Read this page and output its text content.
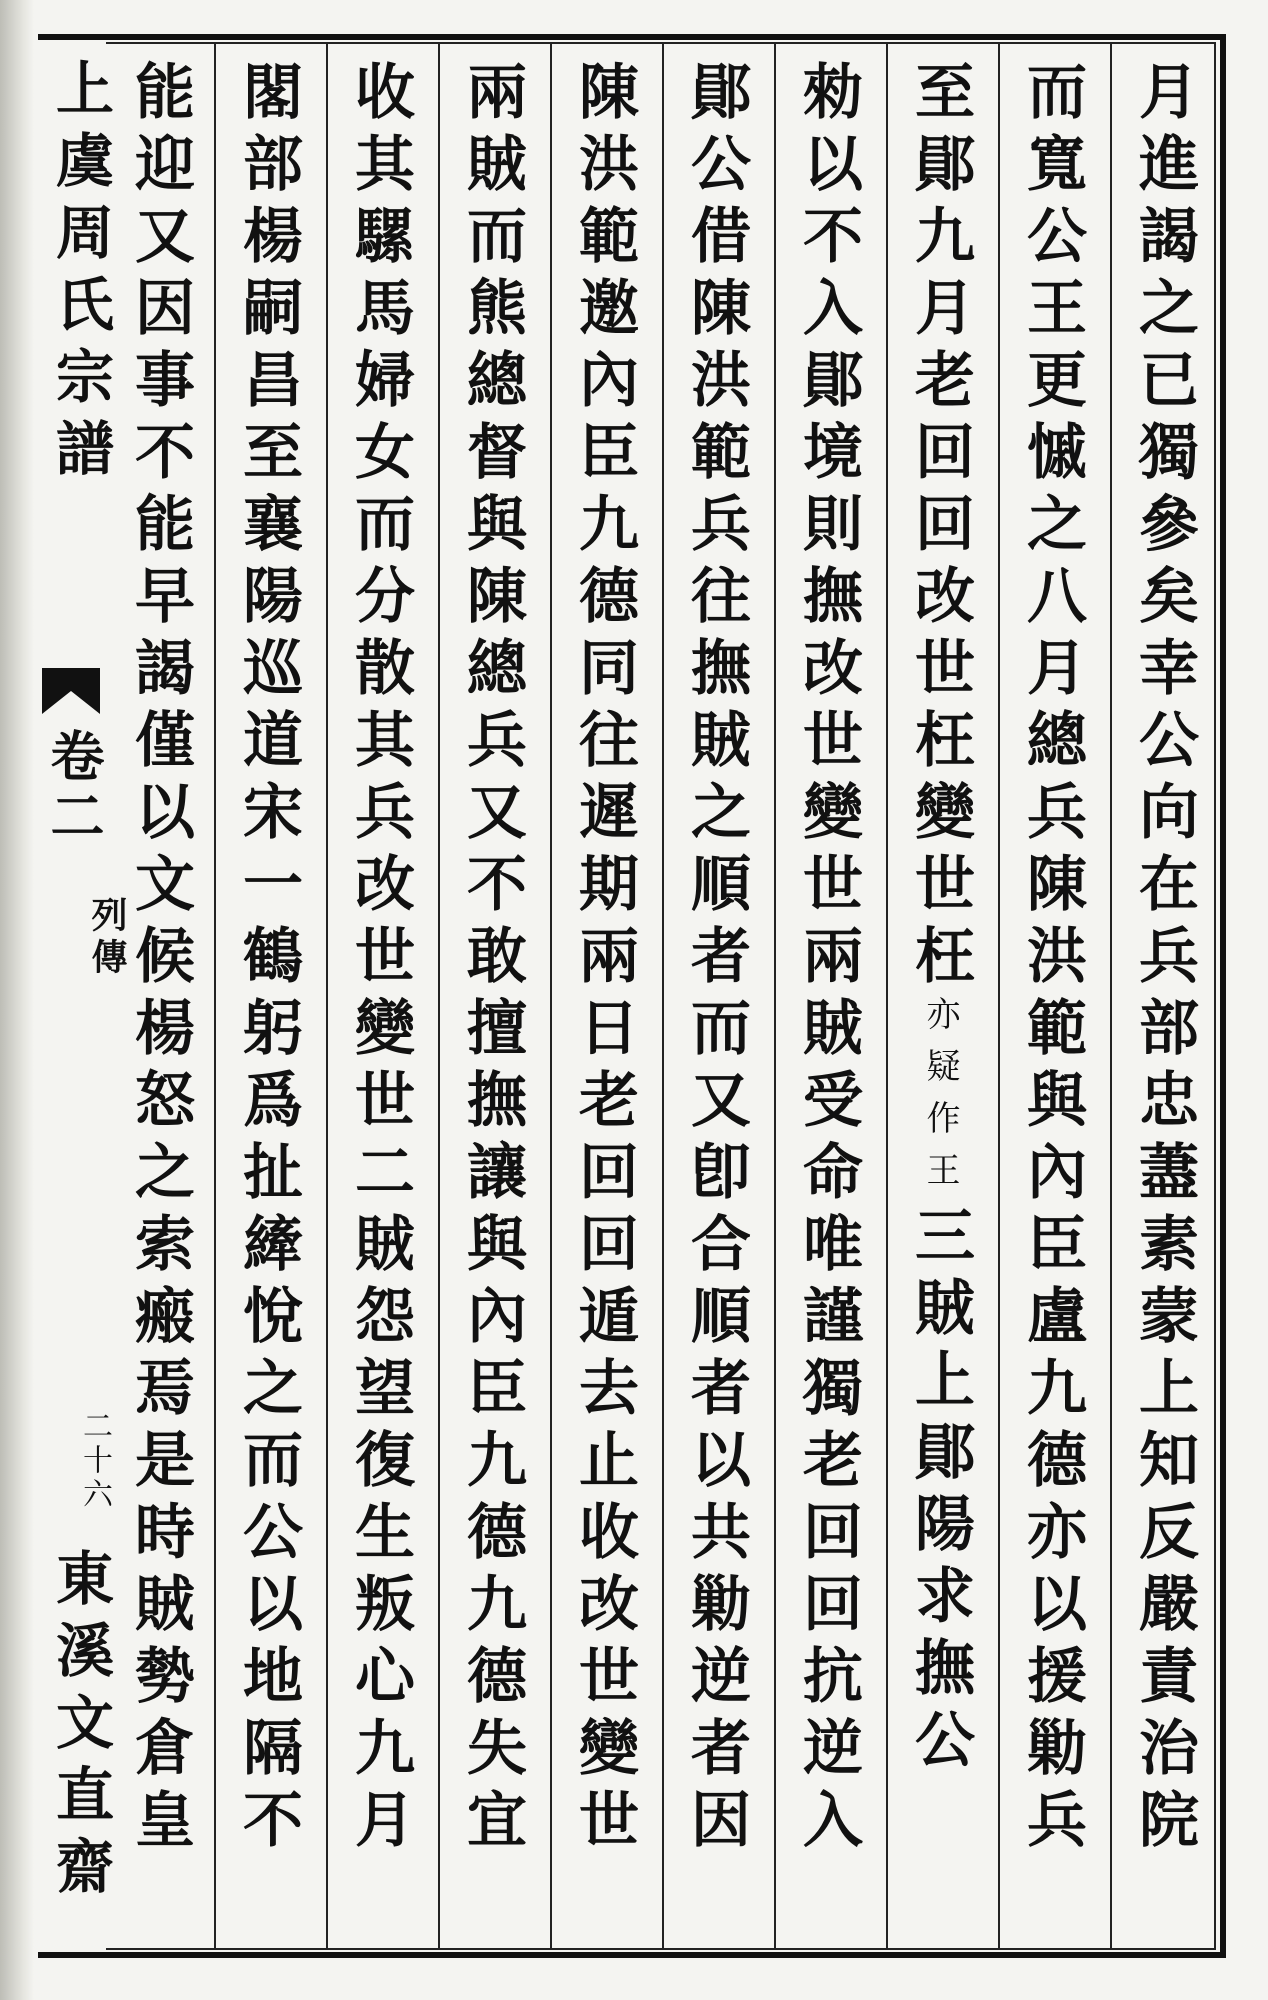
上虞周氏宗譜
卷二
列傳
二十六
東溪文直齋	月進謁之已獨參矣幸公向在兵部忠藎素蒙上知反嚴責治院
而寬公王更慽之八月總兵陳洪範與內臣盧九德亦以援勦兵
至鄖九月老回回改世枉變世枉亦疑作王三賊上鄖陽求撫公
勑以不入鄖境則撫改世變世兩賊受命唯謹獨老回回抗逆入
鄖公借陳洪範兵往撫賊之順者而又卽合順者以共勦逆者因
陳洪範邀內臣九德同往遲期兩日老回回遁去止收改世變世
兩賊而熊總督與陳總兵又不敢擅撫讓與內臣九德九德失宜
收其騾馬婦女而分散其兵改世變世二賊怨望復生叛心九月
閣部楊嗣昌至襄陽巡道宋一鶴躬爲扯縴悅之而公以地隔不
能迎又因事不能早謁僅以文候楊怒之索瘢焉是時賊勢倉皇
